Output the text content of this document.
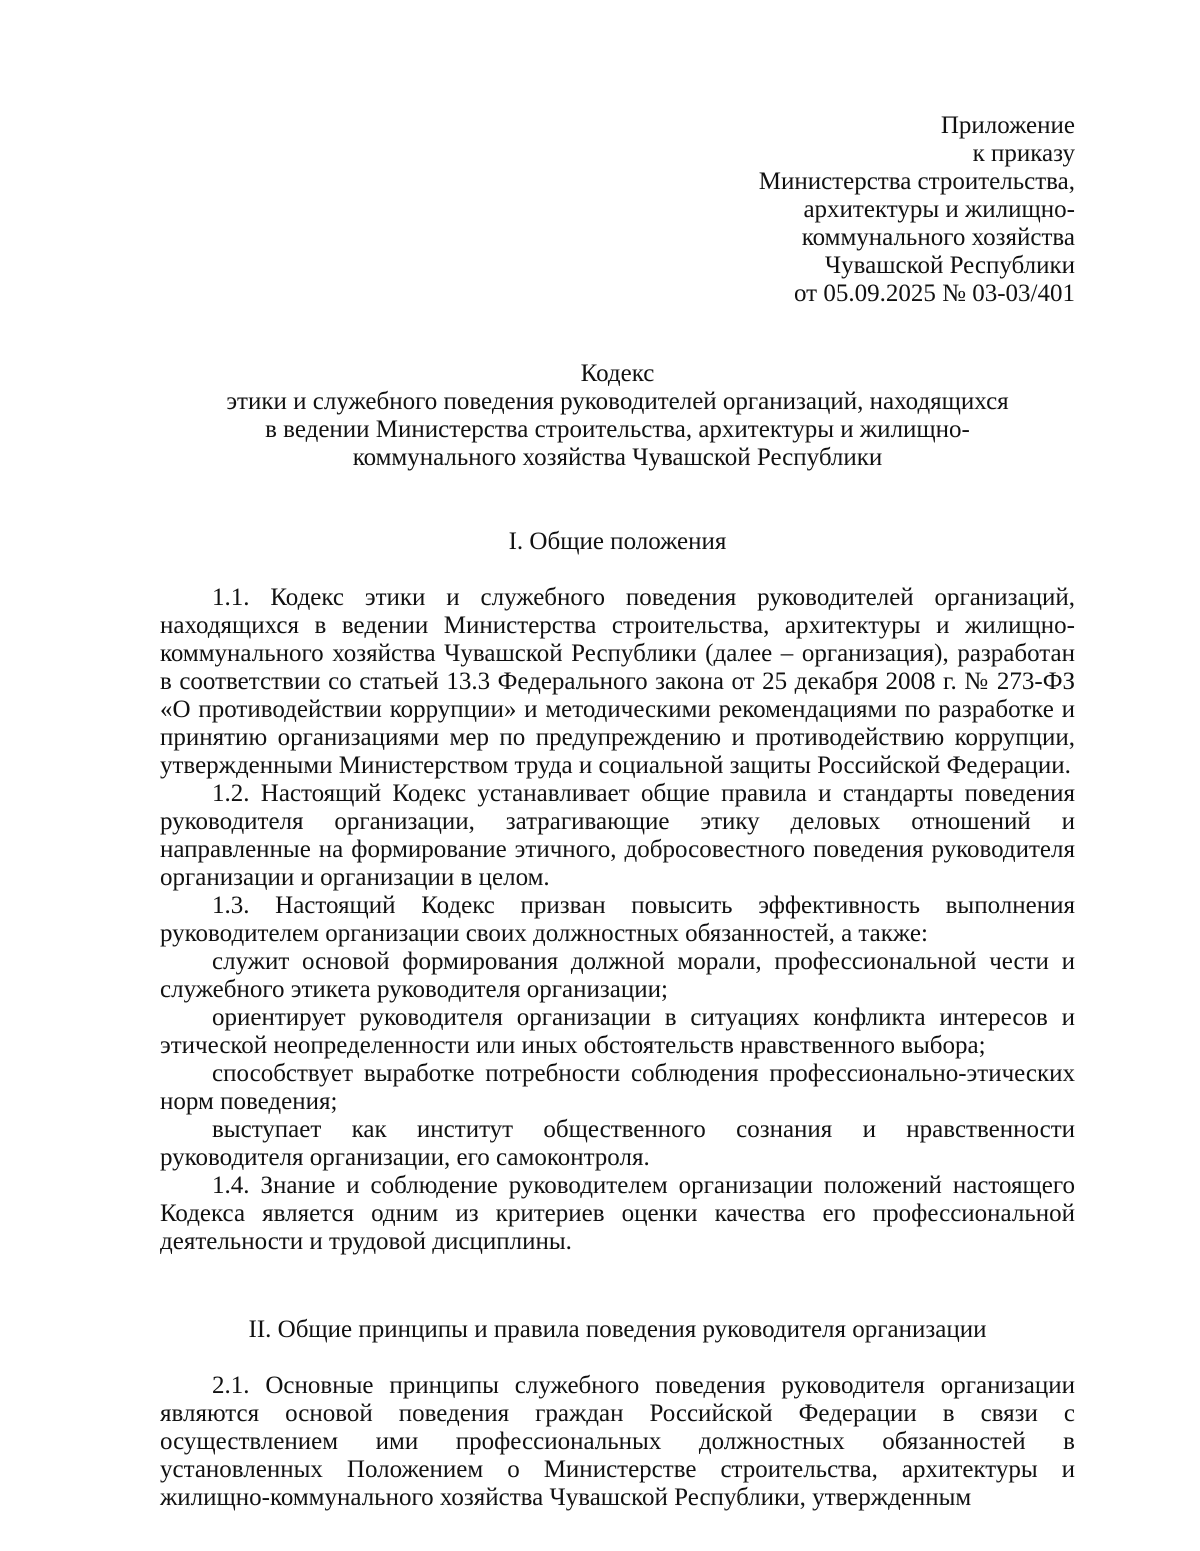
Приложение
к приказу
Министерства строительства,
архитектуры и жилищно-
коммунального хозяйства
Чувашской Республики
от 05.09.2025 № 03-03/401
Кодекс
этики и служебного поведения руководителей организаций, находящихся
в ведении Министерства строительства, архитектуры и жилищно-
коммунального хозяйства Чувашской Республики
I. Общие положения

1.1. Кодекс этики и служебного поведения руководителей организаций, находящихся в ведении Министерства строительства, архитектуры и жилищно-коммунального хозяйства Чувашской Республики (далее – организация), разработан в соответствии со статьей 13.3 Федерального закона от 25 декабря 2008 г. № 273-ФЗ «О противодействии коррупции» и методическими рекомендациями по разработке и принятию организациями мер по предупреждению и противодействию коррупции, утвержденными Министерством труда и социальной защиты Российской Федерации.

1.2. Настоящий Кодекс устанавливает общие правила и стандарты поведения руководителя организации, затрагивающие этику деловых отношений и направленные на формирование этичного, добросовестного поведения руководителя организации и организации в целом.

1.3. Настоящий Кодекс призван повысить эффективность выполнения руководителем организации своих должностных обязанностей, а также:

служит основой формирования должной морали, профессиональной чести и служебного этикета руководителя организации;

ориентирует руководителя организации в ситуациях конфликта интересов и этической неопределенности или иных обстоятельств нравственного выбора;

способствует выработке потребности соблюдения профессионально-этических норм поведения;

выступает как институт общественного сознания и нравственности руководителя организации, его самоконтроля.

1.4. Знание и соблюдение руководителем организации положений настоящего Кодекса является одним из критериев оценки качества его профессиональной деятельности и трудовой дисциплины.

II. Общие принципы и правила поведения руководителя организации

2.1. Основные принципы служебного поведения руководителя организации являются основой поведения граждан Российской Федерации в связи с осуществлением ими профессиональных должностных обязанностей в установленных Положением о Министерстве строительства, архитектуры и жилищно-коммунального хозяйства Чувашской Республики, утвержденным
